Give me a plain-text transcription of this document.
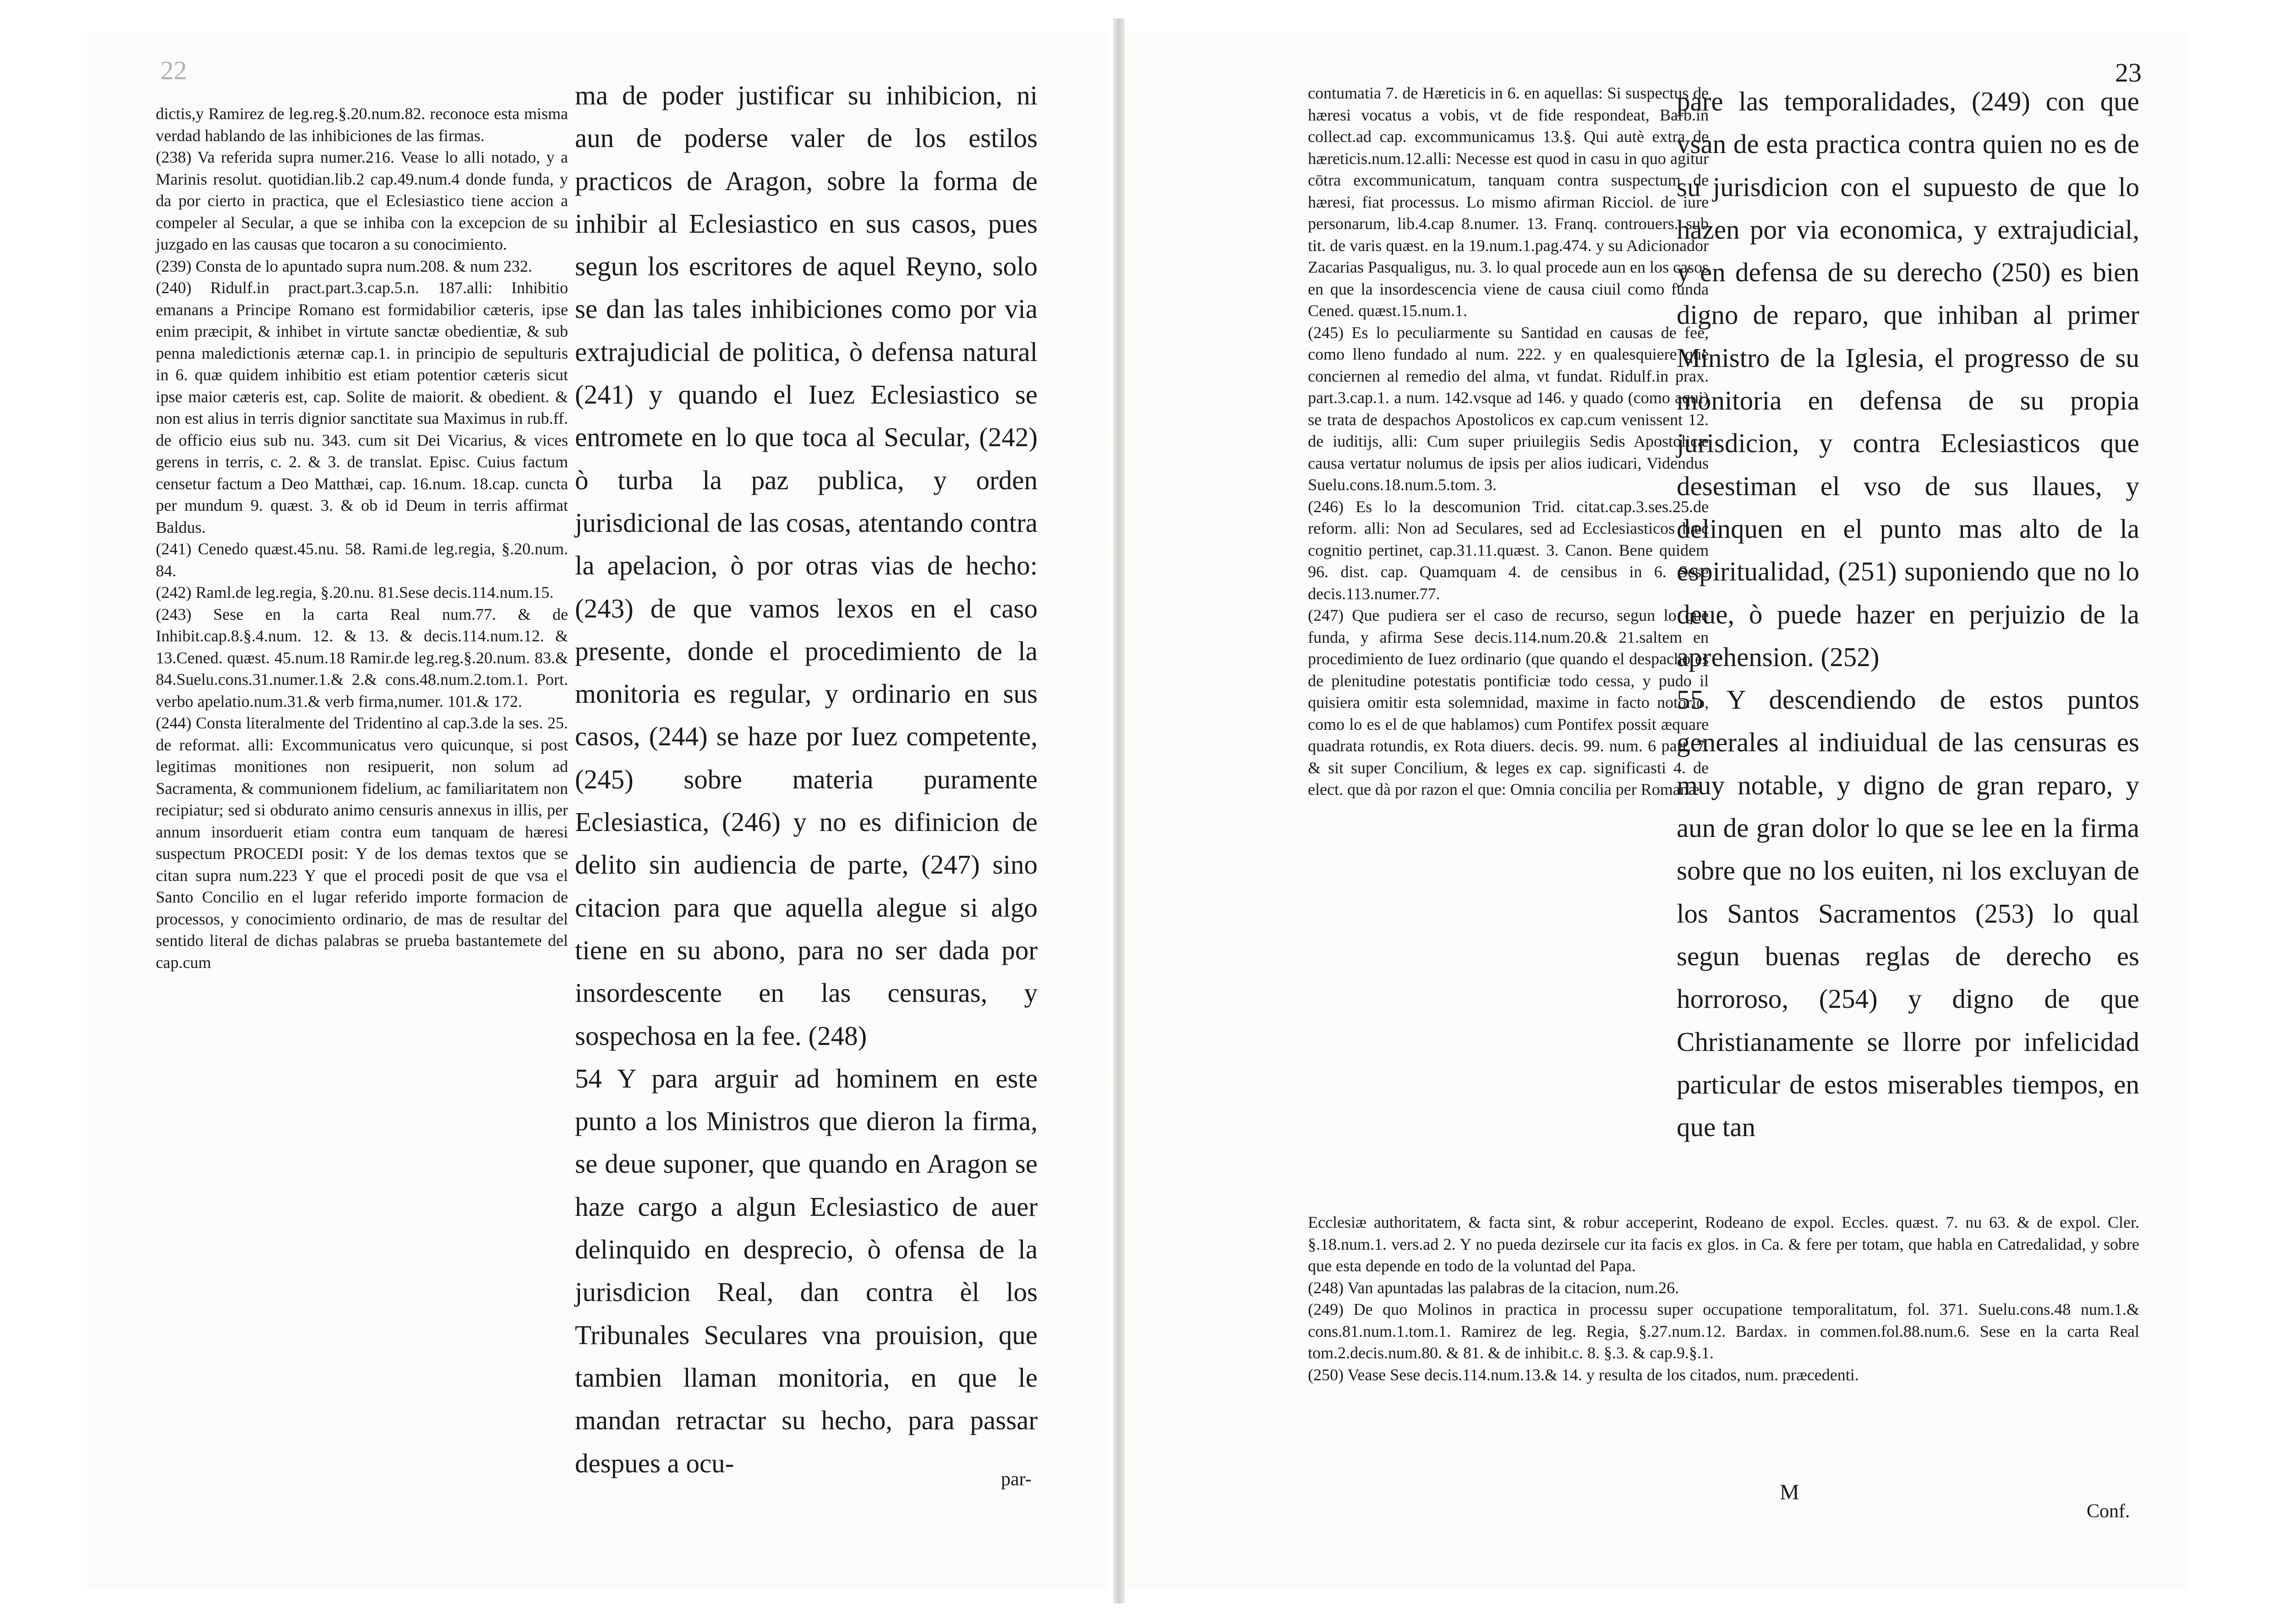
22

dictis,y Ramirez de leg.reg.§.20.num.82. reconoce esta misma verdad hablando de las inhibiciones de las firmas.

(238) Va referida supra numer.216. Vease lo alli notado, y a Marinis resolut. quotidian.lib.2 cap.49.num.4 donde funda, y da por cierto in practica, que el Eclesiastico tiene accion a compeler al Secular, a que se inhiba con la excepcion de su juzgado en las causas que tocaron a su conocimiento.

(239) Consta de lo apuntado supra num.208. & num 232.

(240) Ridulf.in pract.part.3.cap.5.n. 187.alli: Inhibitio emanans a Principe Romano est formidabilior cæteris, ipse enim præcipit, & inhibet in virtute sanctæ obedientiæ, & sub penna maledictionis æternæ cap.1. in principio de sepulturis in 6. quæ quidem inhibitio est etiam potentior cæteris sicut ipse maior cæteris est, cap. Solite de maiorit. & obedient. & non est alius in terris dignior sanctitate sua Maximus in rub.ff. de officio eius sub nu. 343. cum sit Dei Vicarius, & vices gerens in terris, c. 2. & 3. de translat. Episc. Cuius factum censetur factum a Deo Matthæi, cap. 16.num. 18.cap. cuncta per mundum 9. quæst. 3. & ob id Deum in terris affirmat Baldus.

(241) Cenedo quæst.45.nu. 58. Rami.de leg.regia, §.20.num. 84.

(242) Raml.de leg.regia, §.20.nu. 81.Sese decis.114.num.15.

(243) Sese en la carta Real num.77. & de Inhibit.cap.8.§.4.num. 12. & 13. & decis.114.num.12. & 13.Cened. quæst. 45.num.18 Ramir.de leg.reg.§.20.num. 83.& 84.Suelu.cons.31.numer.1.& 2.& cons.48.num.2.tom.1. Port. verbo apelatio.num.31.& verb firma,numer. 101.& 172.

(244) Consta literalmente del Tridentino al cap.3.de la ses. 25. de reformat. alli: Excommunicatus vero quicunque, si post legitimas monitiones non resipuerit, non solum ad Sacramenta, & communionem fidelium, ac familiaritatem non recipiatur; sed si obdurato animo censuris annexus in illis, per annum insorduerit etiam contra eum tanquam de hæresi suspectum PROCEDI posit: Y de los demas textos que se citan supra num.223 Y que el procedi posit de que vsa el Santo Concilio en el lugar referido importe formacion de processos, y conocimiento ordinario, de mas de resultar del sentido literal de dichas palabras se prueba bastantemete del cap.cum

ma de poder justificar su inhibicion, ni aun de poderse valer de los estilos practicos de Aragon, sobre la forma de inhibir al Eclesiastico en sus casos, pues segun los escritores de aquel Reyno, solo se dan las tales inhibiciones como por via extrajudicial de politica, ò defensa natural (241) y quando el Iuez Eclesiastico se entromete en lo que toca al Secular, (242) ò turba la paz publica, y orden jurisdicional de las cosas, atentando contra la apelacion, ò por otras vias de hecho: (243) de que vamos lexos en el caso presente, donde el procedimiento de la monitoria es regular, y ordinario en sus casos, (244) se haze por Iuez competente, (245) sobre materia puramente Eclesiastica, (246) y no es difinicion de delito sin audiencia de parte, (247) sino citacion para que aquella alegue si algo tiene en su abono, para no ser dada por insordescente en las censuras, y sospechosa en la fee. (248)

54 Y para arguir ad hominem en este punto a los Ministros que dieron la firma, se deue suponer, que quando en Aragon se haze cargo a algun Eclesiastico de auer delinquido en desprecio, ò ofensa de la jurisdicion Real, dan contra èl los Tribunales Seculares vna prouision, que tambien llaman monitoria, en que le mandan retractar su hecho, para passar despues a ocu-

par-
23

contumatia 7. de Hæreticis in 6. en aquellas: Si suspectus de hæresi vocatus a vobis, vt de fide respondeat, Barb.in collect.ad cap. excommunicamus 13.§. Qui autè extra de hæreticis.num.12.alli: Necesse est quod in casu in quo agitur cōtra excommunicatum, tanquam contra suspectum de hæresi, fiat processus. Lo mismo afirman Ricciol. de iure personarum, lib.4.cap 8.numer. 13. Franq. controuers. sub tit. de varis quæst. en la 19.num.1.pag.474. y su Adicionador Zacarias Pasqualigus, nu. 3. lo qual procede aun en los casos en que la insordescencia viene de causa ciuil como funda Cened. quæst.15.num.1.

(245) Es lo peculiarmente su Santidad en causas de fee, como lleno fundado al num. 222. y en qualesquiere que conciernen al remedio del alma, vt fundat. Ridulf.in prax. part.3.cap.1. a num. 142.vsque ad 146. y quado (como aqui) se trata de despachos Apostolicos ex cap.cum venissent 12. de iuditijs, alli: Cum super priuilegiis Sedis Apostolicæ causa vertatur nolumus de ipsis per alios iudicari, Videndus Suelu.cons.18.num.5.tom. 3.

(246) Es lo la descomunion Trid. citat.cap.3.ses.25.de reform. alli: Non ad Seculares, sed ad Ecclesiasticos hæc cognitio pertinet, cap.31.11.quæst. 3. Canon. Bene quidem 96. dist. cap. Quamquam 4. de censibus in 6. Sese decis.113.numer.77.

(247) Que pudiera ser el caso de recurso, segun lo que funda, y afirma Sese decis.114.num.20.& 21.saltem en procedimiento de Iuez ordinario (que quando el despacho es de plenitudine potestatis pontificiæ todo cessa, y pudo il quisiera omitir esta solemnidad, maxime in facto notorio, como lo es el de que hablamos) cum Pontifex possit æquare quadrata rotundis, ex Rota diuers. decis. 99. num. 6 part. 7. & sit super Concilium, & leges ex cap. significasti 4. de elect. que dà por razon el que: Omnia concilia per Romanæ

pare las temporalidades, (249) con que vsan de esta practica contra quien no es de su jurisdicion con el supuesto de que lo hazen por via economica, y extrajudicial, y en defensa de su derecho (250) es bien digno de reparo, que inhiban al primer Ministro de la Iglesia, el progresso de su monitoria en defensa de su propia jurisdicion, y contra Eclesiasticos que desestiman el vso de sus llaues, y delinquen en el punto mas alto de la espiritualidad, (251) suponiendo que no lo deue, ò puede hazer en perjuizio de la aprehension. (252)

55 Y descendiendo de estos puntos generales al indiuidual de las censuras es muy notable, y digno de gran reparo, y aun de gran dolor lo que se lee en la firma sobre que no los euiten, ni los excluyan de los Santos Sacramentos (253) lo qual segun buenas reglas de derecho es horroroso, (254) y digno de que Christianamente se llorre por infelicidad particular de estos miserables tiempos, en que tan

Ecclesiæ authoritatem, & facta sint, & robur acceperint, Rodeano de expol. Eccles. quæst. 7. nu 63. & de expol. Cler. §.18.num.1. vers.ad 2. Y no pueda dezirsele cur ita facis ex glos. in Ca. & fere per totam, que habla en Catredalidad, y sobre que esta depende en todo de la voluntad del Papa.

(248) Van apuntadas las palabras de la citacion, num.26.

(249) De quo Molinos in practica in processu super occupatione temporalitatum, fol. 371. Suelu.cons.48 num.1.& cons.81.num.1.tom.1. Ramirez de leg. Regia, §.27.num.12. Bardax. in commen.fol.88.num.6. Sese en la carta Real tom.2.decis.num.80. & 81. & de inhibit.c. 8. §.3. & cap.9.§.1.

(250) Vease Sese decis.114.num.13.& 14. y resulta de los citados, num. præcedenti.

M
Conf.
